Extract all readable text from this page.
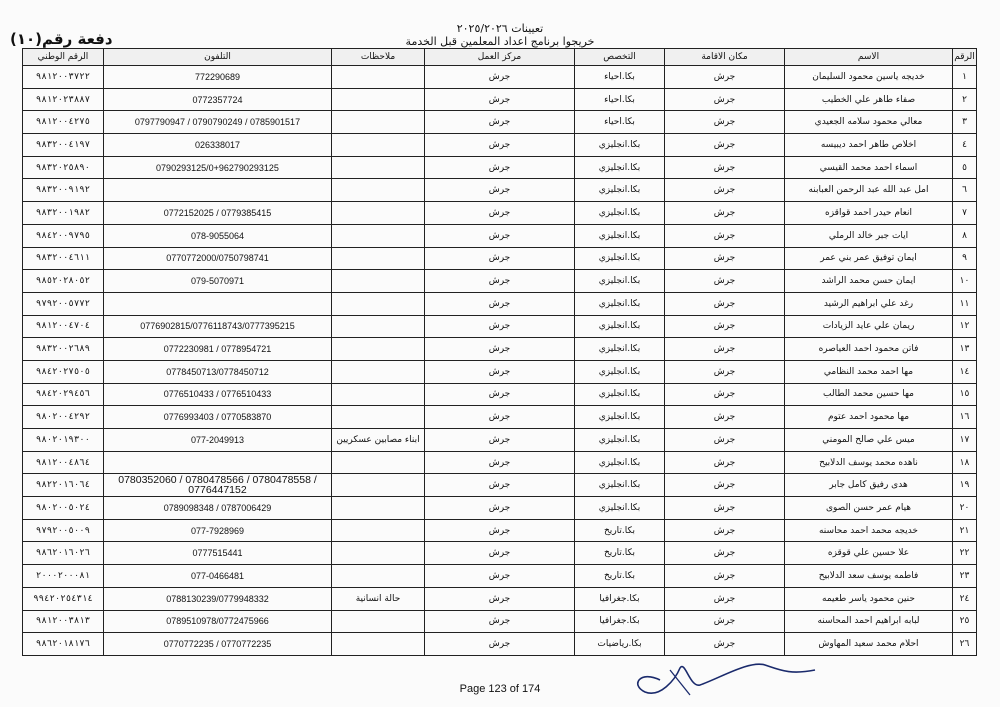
تعيينات ٢٠٢٥/٢٠٢٦
خريجوا برنامج اعداد المعلمين قبل الخدمة
دفعة رقم(١٠)
الرقم	الاسم	مكان الاقامة	التخصص	مركز العمل	ملاحظات	التلفون	الرقم الوطني
١	خديجه ياسين محمود السليمان	جرش	بكا.احياء	جرش		772290689	٩٨١٢٠٠٣٧٢٢
٢	صفاء طاهر علي الخطيب	جرش	بكا.احياء	جرش		0772357724	٩٨١٢٠٢٣٨٨٧
٣	معالي محمود سلامه الجعيدي	جرش	بكا.احياء	جرش		0797790947 / 0790790249 / 0785901517	٩٨١٢٠٠٤٢٧٥
٤	اخلاص طاهر احمد ديبيسه	جرش	بكا.انجليزي	جرش		026338017	٩٨٣٢٠٠٤١٩٧
٥	اسماء احمد محمد القيسي	جرش	بكا.انجليزي	جرش		0790293125/0+962790293125	٩٨٣٢٠٢٥٨٩٠
٦	امل عبد الله عبد الرحمن العبابنه	جرش	بكا.انجليزي	جرش			٩٨٣٢٠٠٩١٩٢
٧	انعام حيدر احمد قواقزه	جرش	بكا.انجليزي	جرش		0772152025 / 0779385415	٩٨٣٢٠٠١٩٨٢
٨	ايات جبر خالد الرملي	جرش	بكا.انجليزي	جرش		078-9055064	٩٨٤٢٠٠٩٧٩٥
٩	ايمان توفيق عمر بني عمر	جرش	بكا.انجليزي	جرش		0770772000/0750798741	٩٨٣٢٠٠٤٦١١
١٠	ايمان حسن محمد الراشد	جرش	بكا.انجليزي	جرش		079-5070971	٩٨٥٢٠٢٨٠٥٢
١١	رغد علي ابراهيم الرشيد	جرش	بكا.انجليزي	جرش			٩٧٩٢٠٠٥٧٧٢
١٢	ريمان علي عايد الزيادات	جرش	بكا.انجليزي	جرش		0776902815/0776118743/0777395215	٩٨١٢٠٠٤٧٠٤
١٣	فاتن محمود احمد العياصره	جرش	بكا.انجليزي	جرش		0772230981 / 0778954721	٩٨٣٢٠٠٢٦٨٩
١٤	مها احمد محمد النظامي	جرش	بكا.انجليزي	جرش		0778450713/0778450712	٩٨٤٢٠٢٧٥٠٥
١٥	مها حسين محمد الطالب	جرش	بكا.انجليزي	جرش		0776510433 / 0776510433	٩٨٤٢٠٢٩٤٥٦
١٦	مها محمود احمد عتوم	جرش	بكا.انجليزي	جرش		0776993403 / 0770583870	٩٨٠٢٠٠٤٢٩٢
١٧	ميس علي صالح المومني	جرش	بكا.انجليزي	جرش	ابناء مصابين عسكريين	077-2049913	٩٨٠٢٠١٩٣٠٠
١٨	ناهده محمد يوسف الدلابيح	جرش	بكا.انجليزي	جرش			٩٨١٢٠٠٤٨٦٤
١٩	هدى رفيق كامل جابر	جرش	بكا.انجليزي	جرش		0780352060 / 0780478566 / 0780478558 / 0776447152	٩٨٢٢٠١٦٠٦٤
٢٠	هيام عمر حسن الصوى	جرش	بكا.انجليزي	جرش		0789098348 / 0787006429	٩٨٠٢٠٠٥٠٢٤
٢١	خديجه محمد احمد محاسنه	جرش	بكا.تاريخ	جرش		077-7928969	٩٧٩٢٠٠٥٠٠٩
٢٢	علا حسين علي قوقزه	جرش	بكا.تاريخ	جرش		0777515441	٩٨٦٢٠١٦٠٢٦
٢٣	فاطمه يوسف سعد الدلابيح	جرش	بكا.تاريخ	جرش		077-0466481	٢٠٠٠٢٠٠٠٨١
٢٤	حنين محمود ياسر طعيمه	جرش	بكا.جغرافيا	جرش	حالة انسانية	0788130239/0779948332	٩٩٤٢٠٢٥٤٣١٤
٢٥	لبابه ابراهيم احمد المحاسنه	جرش	بكا.جغرافيا	جرش		0789510978/0772475966	٩٨١٢٠٠٣٨١٣
٢٦	احلام محمد سعيد المهاوش	جرش	بكا.رياضيات	جرش		0770772235 / 0770772235	٩٨٦٢٠١٨١٧٦
Page 123 of 174
